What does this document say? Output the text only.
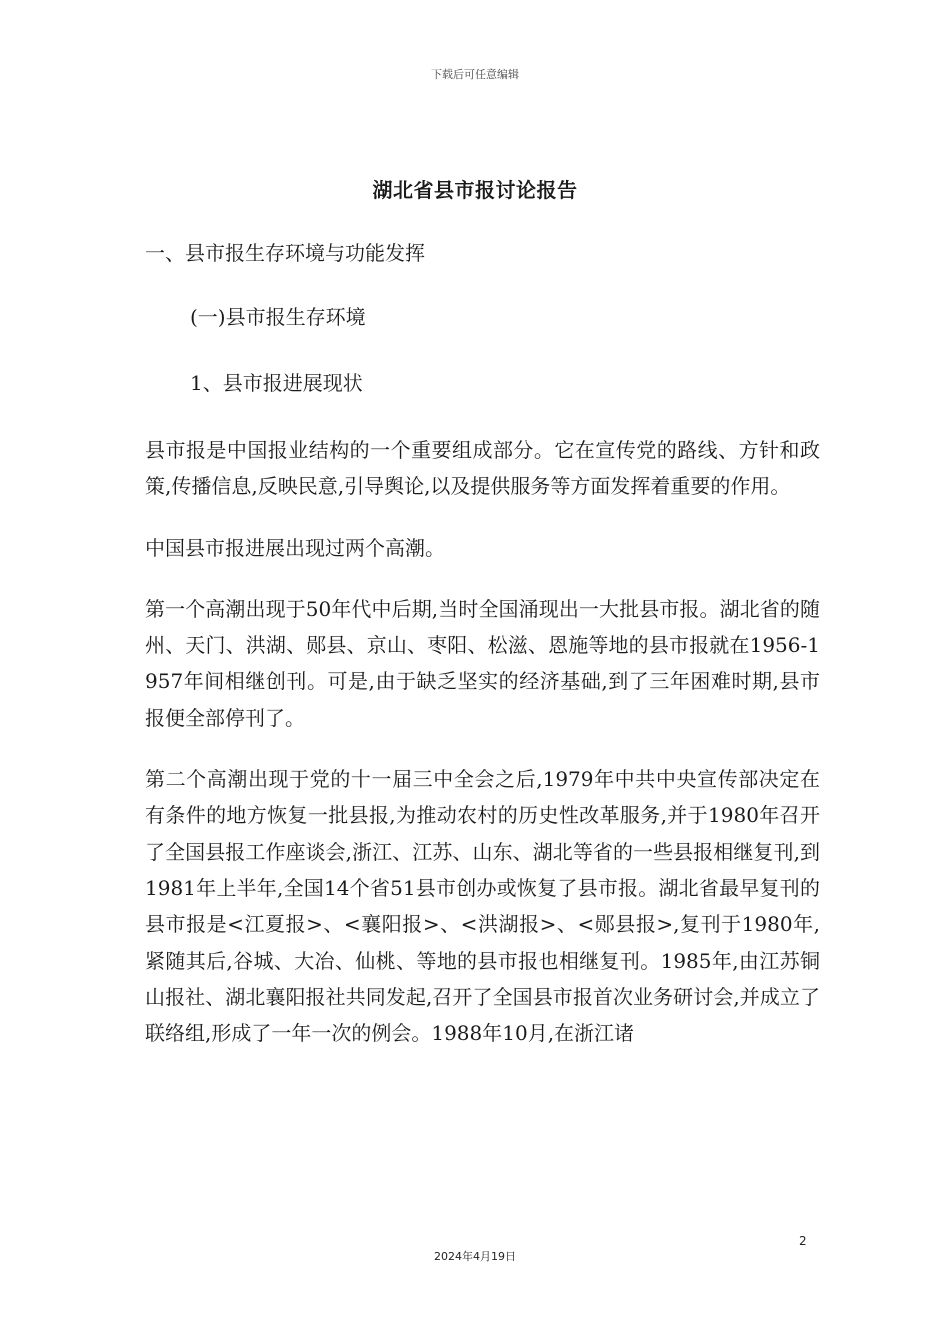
下载后可任意编辑
湖北省县市报讨论报告
一、县市报生存环境与功能发挥
(一)县市报生存环境
1、县市报进展现状

县市报是中国报业结构的一个重要组成部分。它在宣传党的路线、方针和政策,传播信息,反映民意,引导舆论,以及提供服务等方面发挥着重要的作用。

中国县市报进展出现过两个高潮。

第一个高潮出现于50年代中后期,当时全国涌现出一大批县市报。湖北省的随州、天门、洪湖、郧县、京山、枣阳、松滋、恩施等地的县市报就在1956-1957年间相继创刊。可是,由于缺乏坚实的经济基础,到了三年困难时期,县市报便全部停刊了。

第二个高潮出现于党的十一届三中全会之后,1979年中共中央宣传部决定在有条件的地方恢复一批县报,为推动农村的历史性改革服务,并于1980年召开了全国县报工作座谈会,浙江、江苏、山东、湖北等省的一些县报相继复刊,到1981年上半年,全国14个省51县市创办或恢复了县市报。湖北省最早复刊的县市报是<江夏报>、<襄阳报>、<洪湖报>、<郧县报>,复刊于1980年,紧随其后,谷城、大冶、仙桃、等地的县市报也相继复刊。1985年,由江苏铜山报社、湖北襄阳报社共同发起,召开了全国县市报首次业务研讨会,并成立了联络组,形成了一年一次的例会。1988年10月,在浙江诸

2
2024年4月19日
